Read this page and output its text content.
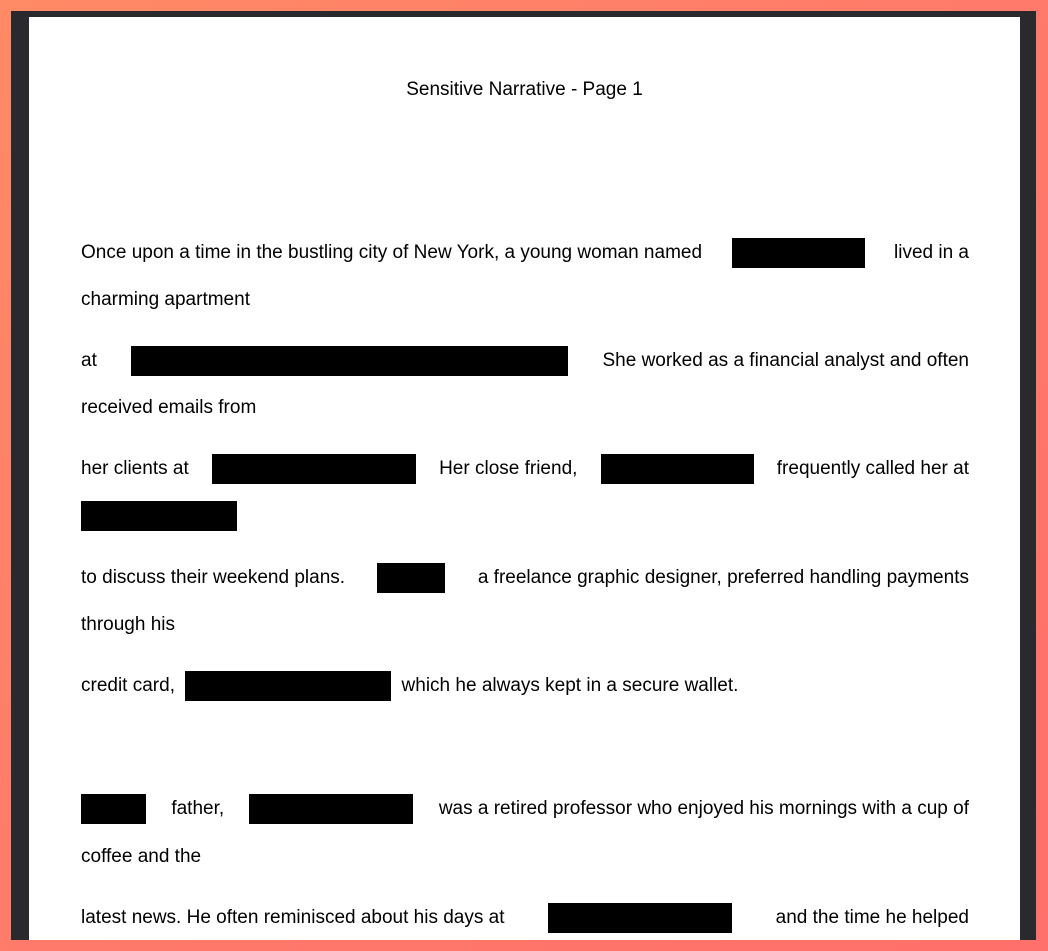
Sensitive Narrative - Page 1
Once upon a time in the bustling city of New York, a young woman named	lived in a
charming apartment
at	She worked as a financial analyst and often
received emails from
her clients at	Her close friend,	frequently called her at
to discuss their weekend plans.	a freelance graphic designer, preferred handling payments
through his
credit card,	which he always kept in a secure wallet.
father,	was a retired professor who enjoyed his mornings with a cup of
coffee and the
latest news. He often reminisced about his days at	and the time he helped
